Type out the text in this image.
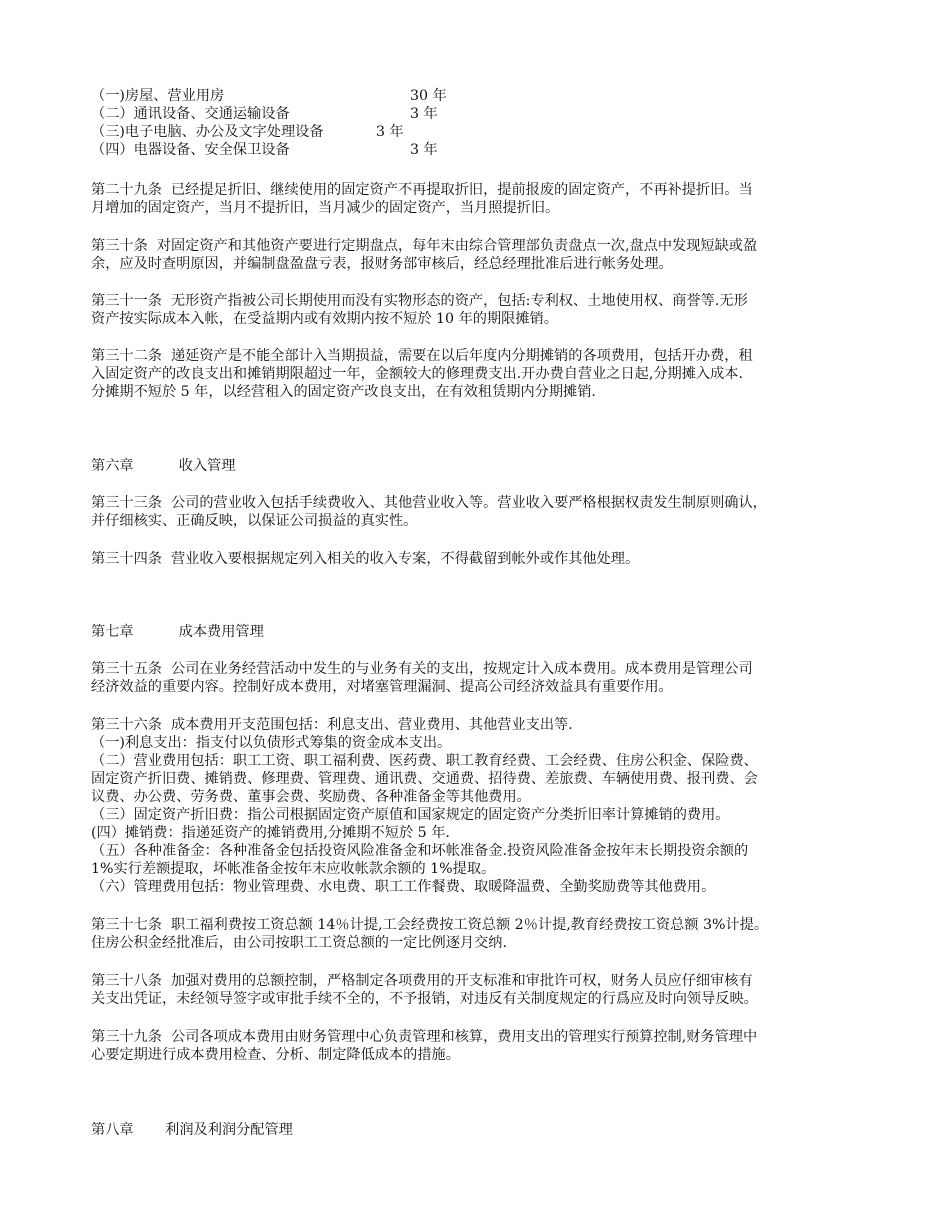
（一)房屋、营业用房	30 年
（二）通讯设备、交通运输设备	3 年
（三)电子电脑、办公及文字处理设备	3 年
（四）电器设备、安全保卫设备	3 年
第二十九条  已经提足折旧、继续使用的固定资产不再提取折旧，提前报废的固定资产，不再补提折旧。当
月增加的固定资产，当月不提折旧，当月减少的固定资产，当月照提折旧。
第三十条  对固定资产和其他资产要进行定期盘点，每年末由综合管理部负责盘点一次,盘点中发现短缺或盈
余，应及时查明原因，并编制盘盈盘亏表，报财务部审核后，经总经理批准后进行帐务处理。
第三十一条  无形资产指被公司长期使用而没有实物形态的资产，包括:专利权、土地使用权、商誉等.无形
资产按实际成本入帐，在受益期内或有效期内按不短於 10 年的期限摊销。
第三十二条  递延资产是不能全部计入当期损益，需要在以后年度内分期摊销的各项费用，包括开办费，租
入固定资产的改良支出和摊销期限超过一年，金额较大的修理费支出.开办费自营业之日起,分期摊入成本.
分摊期不短於 5 年，以经营租入的固定资产改良支出，在有效租赁期内分期摊销.
第六章          收入管理
第三十三条  公司的营业收入包括手续费收入、其他营业收入等。营业收入要严格根据权责发生制原则确认，
并仔细核实、正确反映，以保证公司损益的真实性。
第三十四条  营业收入要根据规定列入相关的收入专案，不得截留到帐外或作其他处理。
第七章          成本费用管理
第三十五条  公司在业务经营活动中发生的与业务有关的支出，按规定计入成本费用。成本费用是管理公司
经济效益的重要内容。控制好成本费用，对堵塞管理漏洞、提高公司经济效益具有重要作用。
第三十六条  成本费用开支范围包括：利息支出、营业费用、其他营业支出等.
（一)利息支出：指支付以负债形式筹集的资金成本支出。
（二）营业费用包括：职工工资、职工福利费、医药费、职工教育经费、工会经费、住房公积金、保险费、
固定资产折旧费、摊销费、修理费、管理费、通讯费、交通费、招待费、差旅费、车辆使用费、报刊费、会
议费、办公费、劳务费、董事会费、奖励费、各种准备金等其他费用。
（三）固定资产折旧费：指公司根据固定资产原值和国家规定的固定资产分类折旧率计算摊销的费用。
(四）摊销费：指递延资产的摊销费用,分摊期不短於 5 年.
（五）各种准备金：各种准备金包括投资风险准备金和坏帐准备金.投资风险准备金按年末长期投资余额的
1%实行差额提取，坏帐准备金按年末应收帐款余额的 1%提取。
（六）管理费用包括：物业管理费、水电费、职工工作餐费、取暖降温费、全勤奖励费等其他费用。
第三十七条  职工福利费按工资总额 14％计提,工会经费按工资总额 2％计提,教育经费按工资总额 3%计提。
住房公积金经批准后，由公司按职工工资总额的一定比例逐月交纳.
第三十八条  加强对费用的总额控制，严格制定各项费用的开支标准和审批许可权，财务人员应仔细审核有
关支出凭证，未经领导签字或审批手续不全的，不予报销，对违反有关制度规定的行爲应及时向领导反映。
第三十九条  公司各项成本费用由财务管理中心负责管理和核算，费用支出的管理实行预算控制,财务管理中
心要定期进行成本费用检查、分析、制定降低成本的措施。
第八章       利润及利润分配管理
